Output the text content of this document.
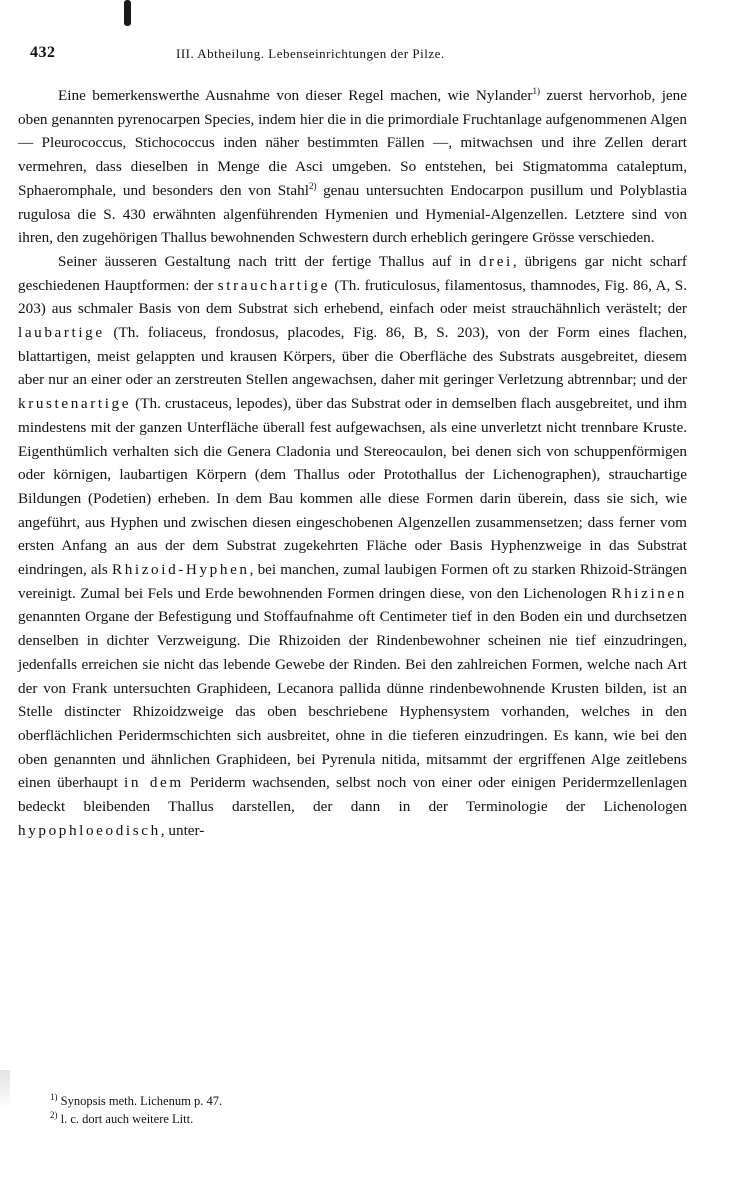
432	III. Abtheilung. Lebenseinrichtungen der Pilze.

Eine bemerkenswerthe Ausnahme von dieser Regel machen, wie Nylander$^{1)}$ zuerst hervorhob, jene oben genannten pyrenocarpen Species, indem hier die in die primordiale Fruchtanlage aufgenommenen Algen — Pleurococcus, Stichococcus inden näher bestimmten Fällen —, mitwachsen und ihre Zellen derart vermehren, dass dieselben in Menge die Asci umgeben. So entstehen, bei Stigmatomma cataleptum, Sphaeromphale, und besonders den von Stahl$^{2)}$ genau untersuchten Endocarpon pusillum und Polyblastia rugulosa die S. 430 erwähnten algenführenden Hymenien und Hymenial-Algenzellen. Letztere sind von ihren, den zugehörigen Thallus bewohnenden Schwestern durch erheblich geringere Grösse verschieden.

Seiner äusseren Gestaltung nach tritt der fertige Thallus auf in drei, übrigens gar nicht scharf geschiedenen Hauptformen: der strauchartige (Th. fruticulosus, filamentosus, thamnodes, Fig. 86, A, S. 203) aus schmaler Basis von dem Substrat sich erhebend, einfach oder meist strauchähnlich verästelt; der laubartige (Th. foliaceus, frondosus, placodes, Fig. 86, B, S. 203), von der Form eines flachen, blattartigen, meist gelappten und krausen Körpers, über die Oberfläche des Substrats ausgebreitet, diesem aber nur an einer oder an zerstreuten Stellen angewachsen, daher mit geringer Verletzung abtrennbar; und der krustenartige (Th. crustaceus, lepodes), über das Substrat oder in demselben flach ausgebreitet, und ihm mindestens mit der ganzen Unterfläche überall fest aufgewachsen, als eine unverletzt nicht trennbare Kruste. Eigenthümlich verhalten sich die Genera Cladonia und Stereocaulon, bei denen sich von schuppenförmigen oder körnigen, laubartigen Körpern (dem Thallus oder Protothallus der Lichenographen), strauchartige Bildungen (Podetien) erheben. In dem Bau kommen alle diese Formen darin überein, dass sie sich, wie angeführt, aus Hyphen und zwischen diesen eingeschobenen Algenzellen zusammensetzen; dass ferner vom ersten Anfang an aus der dem Substrat zugekehrten Fläche oder Basis Hyphenzweige in das Substrat eindringen, als Rhizoid-Hyphen, bei manchen, zumal laubigen Formen oft zu starken Rhizoid-Strängen vereinigt. Zumal bei Fels und Erde bewohnenden Formen dringen diese, von den Lichenologen Rhizinen genannten Organe der Befestigung und Stoffaufnahme oft Centimeter tief in den Boden ein und durchsetzen denselben in dichter Verzweigung. Die Rhizoiden der Rindenbewohner scheinen nie tief einzudringen, jedenfalls erreichen sie nicht das lebende Gewebe der Rinden. Bei den zahlreichen Formen, welche nach Art der von Frank untersuchten Graphideen, Lecanora pallida dünne rindenbewohnende Krusten bilden, ist an Stelle distincter Rhizoidzweige das oben beschriebene Hyphensystem vorhanden, welches in den oberflächlichen Peridermschichten sich ausbreitet, ohne in die tieferen einzudringen. Es kann, wie bei den oben genannten und ähnlichen Graphideen, bei Pyrenula nitida, mitsammt der ergriffenen Alge zeitlebens einen überhaupt in dem Periderm wachsenden, selbst noch von einer oder einigen Peridermzellenlagen bedeckt bleibenden Thallus darstellen, der dann in der Terminologie der Lichenologen hypophloeodisch, unter-

$^{1)}$ Synopsis meth. Lichenum p. 47.
$^{2)}$ l. c. dort auch weitere Litt.
